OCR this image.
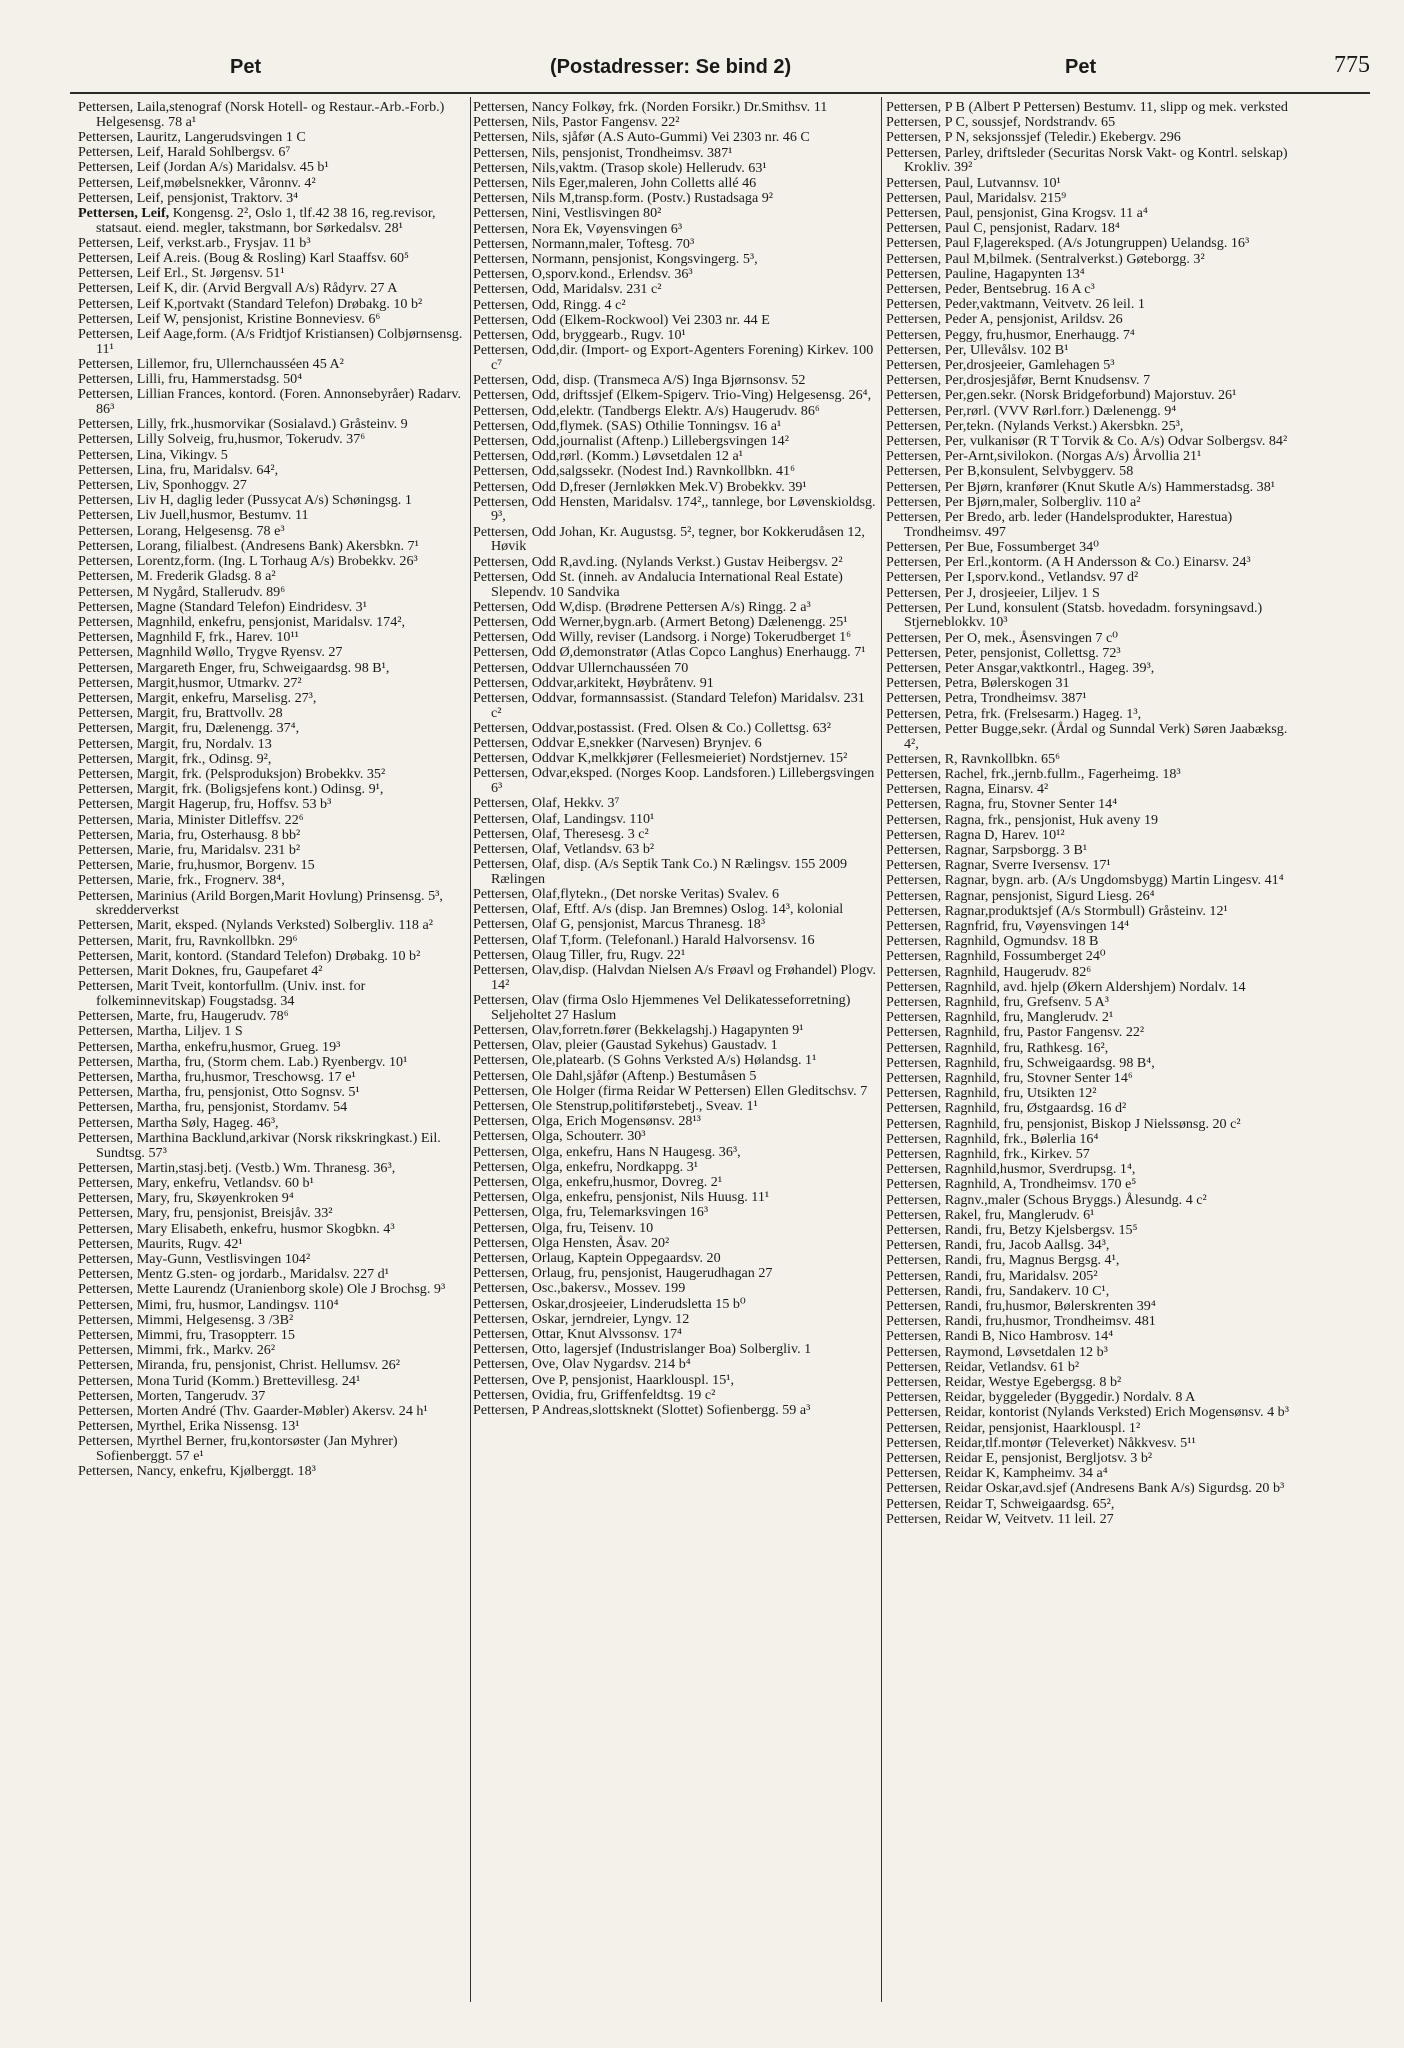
Pet	(Postadresser: Se bind 2)	Pet	775
Pettersen, Laila,stenograf (Norsk Hotell- og Restaur.-Arb.-Forb.) Helgesensg. 78 a¹
Pettersen, Lauritz, Langerudsvingen 1 C
Pettersen, Leif, Harald Sohlbergsv. 6⁷
Pettersen, Leif (Jordan A/s) Maridalsv. 45 b¹
Pettersen, Leif,møbelsnekker, Våronnv. 4²
Pettersen, Leif, pensjonist, Traktorv. 3⁴
Pettersen, Leif, Kongensg. 2², Oslo 1, tlf.42 38 16, reg.revisor, statsaut. eiend. megler, takstmann, bor Sørkedalsv. 28¹
Pettersen, Leif, verkst.arb., Frysjav. 11 b³
Pettersen, Leif A.reis. (Boug & Rosling) Karl Staaffsv. 60⁵
Pettersen, Leif Erl., St. Jørgensv. 51¹
Pettersen, Leif K, dir. (Arvid Bergvall A/s) Rådyrv. 27 A
Pettersen, Leif K,portvakt (Standard Telefon) Drøbakg. 10 b²
Pettersen, Leif W, pensjonist, Kristine Bonneviesv. 6⁶
Pettersen, Leif Aage,form. (A/s Fridtjof Kristiansen) Colbjørnsensg. 11¹
Pettersen, Lillemor, fru, Ullernchausséen 45 A²
Pettersen, Lilli, fru, Hammerstadsg. 50⁴
Pettersen, Lillian Frances, kontord. (Foren. Annonsebyråer) Radarv. 86³
Pettersen, Lilly, frk.,husmorvikar (Sosialavd.) Gråsteinv. 9
Pettersen, Lilly Solveig, fru,husmor, Tokerudv. 37⁶
Pettersen, Lina, Vikingv. 5
Pettersen, Lina, fru, Maridalsv. 64²,
Pettersen, Liv, Sponhoggv. 27
Pettersen, Liv H, daglig leder (Pussycat A/s) Schøningsg. 1
Pettersen, Liv Juell,husmor, Bestumv. 11
Pettersen, Lorang, Helgesensg. 78 e³
Pettersen, Lorang, filialbest. (Andresens Bank) Akersbkn. 7¹
Pettersen, Lorentz,form. (Ing. L Torhaug A/s) Brobekkv. 26³
Pettersen, M. Frederik Gladsg. 8 a²
Pettersen, M Nygård, Stallerudv. 89⁶
Pettersen, Magne (Standard Telefon) Eindridesv. 3¹
Pettersen, Magnhild, enkefru, pensjonist, Maridalsv. 174²,
Pettersen, Magnhild F, frk., Harev. 10¹¹
Pettersen, Magnhild Wøllo, Trygve Ryensv. 27
Pettersen, Margareth Enger, fru, Schweigaardsg. 98 B¹,
Pettersen, Margit,husmor, Utmarkv. 27²
Pettersen, Margit, enkefru, Marselisg. 27³,
Pettersen, Margit, fru, Brattvollv. 28
Pettersen, Margit, fru, Dælenengg. 37⁴,
Pettersen, Margit, fru, Nordalv. 13
Pettersen, Margit, frk., Odinsg. 9²,
Pettersen, Margit, frk. (Pelsproduksjon) Brobekkv. 35²
Pettersen, Margit, frk. (Boligsjefens kont.) Odinsg. 9¹,
Pettersen, Margit Hagerup, fru, Hoffsv. 53 b³
Pettersen, Maria, Minister Ditleffsv. 22⁶
Pettersen, Maria, fru, Osterhausg. 8 bb²
Pettersen, Marie, fru, Maridalsv. 231 b²
Pettersen, Marie, fru,husmor, Borgenv. 15
Pettersen, Marie, frk., Frognerv. 38⁴,
Pettersen, Marinius (Arild Borgen,Marit Hovlung) Prinsensg. 5³, skredderverkst
Pettersen, Marit, eksped. (Nylands Verksted) Solbergliv. 118 a²
Pettersen, Marit, fru, Ravnkollbkn. 29⁶
Pettersen, Marit, kontord. (Standard Telefon) Drøbakg. 10 b²
Pettersen, Marit Doknes, fru, Gaupefaret 4²
Pettersen, Marit Tveit, kontorfullm. (Univ. inst. for folkeminnevitskap) Fougstadsg. 34
Pettersen, Marte, fru, Haugerudv. 78⁶
Pettersen, Martha, Liljev. 1 S
Pettersen, Martha, enkefru,husmor, Grueg. 19³
Pettersen, Martha, fru, (Storm chem. Lab.) Ryenbergv. 10¹
Pettersen, Martha, fru,husmor, Treschowsg. 17 e¹
Pettersen, Martha, fru, pensjonist, Otto Sognsv. 5¹
Pettersen, Martha, fru, pensjonist, Stordamv. 54
Pettersen, Martha Søly, Hageg. 46³,
Pettersen, Marthina Backlund,arkivar (Norsk rikskringkast.) Eil. Sundtsg. 57³
Pettersen, Martin,stasj.betj. (Vestb.) Wm. Thranesg. 36³,
Pettersen, Mary, enkefru, Vetlandsv. 60 b¹
Pettersen, Mary, fru, Skøyenkroken 9⁴
Pettersen, Mary, fru, pensjonist, Breisjåv. 33²
Pettersen, Mary Elisabeth, enkefru, husmor Skogbkn. 4³
Pettersen, Maurits, Rugv. 42¹
Pettersen, May-Gunn, Vestlisvingen 104²
Pettersen, Mentz G.sten- og jordarb., Maridalsv. 227 d¹
Pettersen, Mette Laurendz (Uranienborg skole) Ole J Brochsg. 9³
Pettersen, Mimi, fru, husmor, Landingsv. 110⁴
Pettersen, Mimmi, Helgesensg. 3 /3B²
Pettersen, Mimmi, fru, Trasoppterr. 15
Pettersen, Mimmi, frk., Markv. 26²
Pettersen, Miranda, fru, pensjonist, Christ. Hellumsv. 26²
Pettersen, Mona Turid (Komm.) Brettevillesg. 24¹
Pettersen, Morten, Tangerudv. 37
Pettersen, Morten André (Thv. Gaarder-Møbler) Akersv. 24 h¹
Pettersen, Myrthel, Erika Nissensg. 13¹
Pettersen, Myrthel Berner, fru,kontorsøster (Jan Myhrer) Sofienberggt. 57 e¹
Pettersen, Nancy, enkefru, Kjølberggt. 18³
Pettersen, Nancy Folkøy, frk. (Norden Forsikr.) Dr.Smithsv. 11
Pettersen, Nils, Pastor Fangensv. 22²
Pettersen, Nils, sjåfør (A.S Auto-Gummi) Vei 2303 nr. 46 C
Pettersen, Nils, pensjonist, Trondheimsv. 387¹
Pettersen, Nils,vaktm. (Trasop skole) Hellerudv. 63¹
Pettersen, Nils Eger,maleren, John Colletts allé 46
Pettersen, Nils M,transp.form. (Postv.) Rustadsaga 9²
Pettersen, Nini, Vestlisvingen 80²
Pettersen, Nora Ek, Vøyensvingen 6³
Pettersen, Normann,maler, Toftesg. 70³
Pettersen, Normann, pensjonist, Kongsvingerg. 5³,
Pettersen, O,sporv.kond., Erlendsv. 36³
Pettersen, Odd, Maridalsv. 231 c²
Pettersen, Odd, Ringg. 4 c²
Pettersen, Odd (Elkem-Rockwool) Vei 2303 nr. 44 E
Pettersen, Odd, bryggearb., Rugv. 10¹
Pettersen, Odd,dir. (Import- og Export-Agenters Forening) Kirkev. 100 c⁷
Pettersen, Odd, disp. (Transmeca A/S) Inga Bjørnsonsv. 52
Pettersen, Odd, driftssjef (Elkem-Spigerv. Trio-Ving) Helgesensg. 26⁴,
Pettersen, Odd,elektr. (Tandbergs Elektr. A/s) Haugerudv. 86⁶
Pettersen, Odd,flymek. (SAS) Othilie Tonningsv. 16 a¹
Pettersen, Odd,journalist (Aftenp.) Lillebergsvingen 14²
Pettersen, Odd,rørl. (Komm.) Løvsetdalen 12 a¹
Pettersen, Odd,salgssekr. (Nodest Ind.) Ravnkollbkn. 41⁶
Pettersen, Odd D,freser (Jernløkken Mek.V) Brobekkv. 39¹
Pettersen, Odd Hensten, Maridalsv. 174²,, tannlege, bor Løvenskioldsg. 9³,
Pettersen, Odd Johan, Kr. Augustsg. 5², tegner, bor Kokkerudåsen 12, Høvik
Pettersen, Odd R,avd.ing. (Nylands Verkst.) Gustav Heibergsv. 2²
Pettersen, Odd St. (inneh. av Andalucia International Real Estate) Slependv. 10 Sandvika
Pettersen, Odd W,disp. (Brødrene Pettersen A/s) Ringg. 2 a³
Pettersen, Odd Werner,bygn.arb. (Armert Betong) Dælenengg. 25¹
Pettersen, Odd Willy, reviser (Landsorg. i Norge) Tokerudberget 1⁶
Pettersen, Odd Ø,demonstratør (Atlas Copco Langhus) Enerhaugg. 7¹
Pettersen, Oddvar Ullernchausséen 70
Pettersen, Oddvar,arkitekt, Høybråtenv. 91
Pettersen, Oddvar, formannsassist. (Standard Telefon) Maridalsv. 231 c²
Pettersen, Oddvar,postassist. (Fred. Olsen & Co.) Collettsg. 63²
Pettersen, Oddvar E,snekker (Narvesen) Brynjev. 6
Pettersen, Oddvar K,melkkjører (Fellesmeieriet) Nordstjernev. 15²
Pettersen, Odvar,eksped. (Norges Koop. Landsforen.) Lillebergsvingen 6³
Pettersen, Olaf, Hekkv. 3⁷
Pettersen, Olaf, Landingsv. 110¹
Pettersen, Olaf, Theresesg. 3 c²
Pettersen, Olaf, Vetlandsv. 63 b²
Pettersen, Olaf, disp. (A/s Septik Tank Co.) N Rælingsv. 155 2009 Rælingen
Pettersen, Olaf,flytekn., (Det norske Veritas) Svalev. 6
Pettersen, Olaf, Eftf. A/s (disp. Jan Bremnes) Oslog. 14³, kolonial
Pettersen, Olaf G, pensjonist, Marcus Thranesg. 18³
Pettersen, Olaf T,form. (Telefonanl.) Harald Halvorsensv. 16
Pettersen, Olaug Tiller, fru, Rugv. 22¹
Pettersen, Olav,disp. (Halvdan Nielsen A/s Frøavl og Frøhandel) Plogv. 14²
Pettersen, Olav (firma Oslo Hjemmenes Vel Delikatesseforretning) Seljeholtet 27 Haslum
Pettersen, Olav,forretn.fører (Bekkelagshj.) Hagapynten 9¹
Pettersen, Olav, pleier (Gaustad Sykehus) Gaustadv. 1
Pettersen, Ole,platearb. (S Gohns Verksted A/s) Hølandsg. 1¹
Pettersen, Ole Dahl,sjåfør (Aftenp.) Bestumåsen 5
Pettersen, Ole Holger (firma Reidar W Pettersen) Ellen Gleditschsv. 7
Pettersen, Ole Stenstrup,politiførstebetj., Sveav. 1¹
Pettersen, Olga, Erich Mogensønsv. 28¹³
Pettersen, Olga, Schouterr. 30³
Pettersen, Olga, enkefru, Hans N Haugesg. 36³,
Pettersen, Olga, enkefru, Nordkappg. 3¹
Pettersen, Olga, enkefru,husmor, Dovreg. 2¹
Pettersen, Olga, enkefru, pensjonist, Nils Huusg. 11¹
Pettersen, Olga, fru, Telemarksvingen 16³
Pettersen, Olga, fru, Teisenv. 10
Pettersen, Olga Hensten, Åsav. 20²
Pettersen, Orlaug, Kaptein Oppegaardsv. 20
Pettersen, Orlaug, fru, pensjonist, Haugerudhagan 27
Pettersen, Osc.,bakersv., Mossev. 199
Pettersen, Oskar,drosjeeier, Linderudsletta 15 b⁰
Pettersen, Oskar, jerndreier, Lyngv. 12
Pettersen, Ottar, Knut Alvssonsv. 17⁴
Pettersen, Otto, lagersjef (Industrislanger Boa) Solbergliv. 1
Pettersen, Ove, Olav Nygardsv. 214 b⁴
Pettersen, Ove P, pensjonist, Haarklouspl. 15¹,
Pettersen, Ovidia, fru, Griffenfeldtsg. 19 c²
Pettersen, P Andreas,slottsknekt (Slottet) Sofienbergg. 59 a³
Pettersen, P B (Albert P Pettersen) Bestumv. 11, slipp og mek. verksted
Pettersen, P C, soussjef, Nordstrandv. 65
Pettersen, P N, seksjonssjef (Teledir.) Ekebergv. 296
Pettersen, Parley, driftsleder (Securitas Norsk Vakt- og Kontrl. selskap) Krokliv. 39²
Pettersen, Paul, Lutvannsv. 10¹
Pettersen, Paul, Maridalsv. 215⁹
Pettersen, Paul, pensjonist, Gina Krogsv. 11 a⁴
Pettersen, Paul C, pensjonist, Radarv. 18⁴
Pettersen, Paul F,lagereksped. (A/s Jotungruppen) Uelandsg. 16³
Pettersen, Paul M,bilmek. (Sentralverkst.) Gøteborgg. 3²
Pettersen, Pauline, Hagapynten 13⁴
Pettersen, Peder, Bentsebrug. 16 A c³
Pettersen, Peder,vaktmann, Veitvetv. 26 leil. 1
Pettersen, Peder A, pensjonist, Arildsv. 26
Pettersen, Peggy, fru,husmor, Enerhaugg. 7⁴
Pettersen, Per, Ullevålsv. 102 B¹
Pettersen, Per,drosjeeier, Gamlehagen 5³
Pettersen, Per,drosjesjåfør, Bernt Knudsensv. 7
Pettersen, Per,gen.sekr. (Norsk Bridgeforbund) Majorstuv. 26¹
Pettersen, Per,rørl. (VVV Rørl.forr.) Dælenengg. 9⁴
Pettersen, Per,tekn. (Nylands Verkst.) Akersbkn. 25³,
Pettersen, Per, vulkanisør (R T Torvik & Co. A/s) Odvar Solbergsv. 84²
Pettersen, Per-Arnt,sivilokon. (Norgas A/s) Årvollia 21¹
Pettersen, Per B,konsulent, Selvbyggerv. 58
Pettersen, Per Bjørn, kranfører (Knut Skutle A/s) Hammerstadsg. 38¹
Pettersen, Per Bjørn,maler, Solbergliv. 110 a²
Pettersen, Per Bredo, arb. leder (Handelsprodukter, Harestua) Trondheimsv. 497
Pettersen, Per Bue, Fossumberget 34⁰
Pettersen, Per Erl.,kontorm. (A H Andersson & Co.) Einarsv. 24³
Pettersen, Per I,sporv.kond., Vetlandsv. 97 d²
Pettersen, Per J, drosjeeier, Liljev. 1 S
Pettersen, Per Lund, konsulent (Statsb. hovedadm. forsyningsavd.) Stjerneblokkv. 10³
Pettersen, Per O, mek., Åsensvingen 7 c⁰
Pettersen, Peter, pensjonist, Collettsg. 72³
Pettersen, Peter Ansgar,vaktkontrl., Hageg. 39³,
Pettersen, Petra, Bølerskogen 31
Pettersen, Petra, Trondheimsv. 387¹
Pettersen, Petra, frk. (Frelsesarm.) Hageg. 1³,
Pettersen, Petter Bugge,sekr. (Årdal og Sunndal Verk) Søren Jaabæksg. 4²,
Pettersen, R, Ravnkollbkn. 65⁶
Pettersen, Rachel, frk.,jernb.fullm., Fagerheimg. 18³
Pettersen, Ragna, Einarsv. 4²
Pettersen, Ragna, fru, Stovner Senter 14⁴
Pettersen, Ragna, frk., pensjonist, Huk aveny 19
Pettersen, Ragna D, Harev. 10¹²
Pettersen, Ragnar, Sarpsborgg. 3 B¹
Pettersen, Ragnar, Sverre Iversensv. 17¹
Pettersen, Ragnar, bygn. arb. (A/s Ungdomsbygg) Martin Lingesv. 41⁴
Pettersen, Ragnar, pensjonist, Sigurd Liesg. 26⁴
Pettersen, Ragnar,produktsjef (A/s Stormbull) Gråsteinv. 12¹
Pettersen, Ragnfrid, fru, Vøyensvingen 14⁴
Pettersen, Ragnhild, Ogmundsv. 18 B
Pettersen, Ragnhild, Fossumberget 24⁰
Pettersen, Ragnhild, Haugerudv. 82⁶
Pettersen, Ragnhild, avd. hjelp (Økern Aldershjem) Nordalv. 14
Pettersen, Ragnhild, fru, Grefsenv. 5 A³
Pettersen, Ragnhild, fru, Manglerudv. 2¹
Pettersen, Ragnhild, fru, Pastor Fangensv. 22²
Pettersen, Ragnhild, fru, Rathkesg. 16²,
Pettersen, Ragnhild, fru, Schweigaardsg. 98 B⁴,
Pettersen, Ragnhild, fru, Stovner Senter 14⁶
Pettersen, Ragnhild, fru, Utsikten 12²
Pettersen, Ragnhild, fru, Østgaardsg. 16 d²
Pettersen, Ragnhild, fru, pensjonist, Biskop J Nielssønsg. 20 c²
Pettersen, Ragnhild, frk., Bølerlia 16⁴
Pettersen, Ragnhild, frk., Kirkev. 57
Pettersen, Ragnhild,husmor, Sverdrupsg. 1⁴,
Pettersen, Ragnhild, A, Trondheimsv. 170 e⁵
Pettersen, Ragnv.,maler (Schous Bryggs.) Ålesundg. 4 c²
Pettersen, Rakel, fru, Manglerudv. 6¹
Pettersen, Randi, fru, Betzy Kjelsbergsv. 15⁵
Pettersen, Randi, fru, Jacob Aallsg. 34³,
Pettersen, Randi, fru, Magnus Bergsg. 4¹,
Pettersen, Randi, fru, Maridalsv. 205²
Pettersen, Randi, fru, Sandakerv. 10 C¹,
Pettersen, Randi, fru,husmor, Bølerskrenten 39⁴
Pettersen, Randi, fru,husmor, Trondheimsv. 481
Pettersen, Randi B, Nico Hambrosv. 14⁴
Pettersen, Raymond, Løvsetdalen 12 b³
Pettersen, Reidar, Vetlandsv. 61 b²
Pettersen, Reidar, Westye Egebergsg. 8 b²
Pettersen, Reidar, byggeleder (Byggedir.) Nordalv. 8 A
Pettersen, Reidar, kontorist (Nylands Verksted) Erich Mogensønsv. 4 b³
Pettersen, Reidar, pensjonist, Haarklouspl. 1²
Pettersen, Reidar,tlf.montør (Televerket) Nåkkvesv. 5¹¹
Pettersen, Reidar E, pensjonist, Bergljotsv. 3 b²
Pettersen, Reidar K, Kampheimv. 34 a⁴
Pettersen, Reidar Oskar,avd.sjef (Andresens Bank A/s) Sigurdsg. 20 b³
Pettersen, Reidar T, Schweigaardsg. 65²,
Pettersen, Reidar W, Veitvetv. 11 leil. 27
